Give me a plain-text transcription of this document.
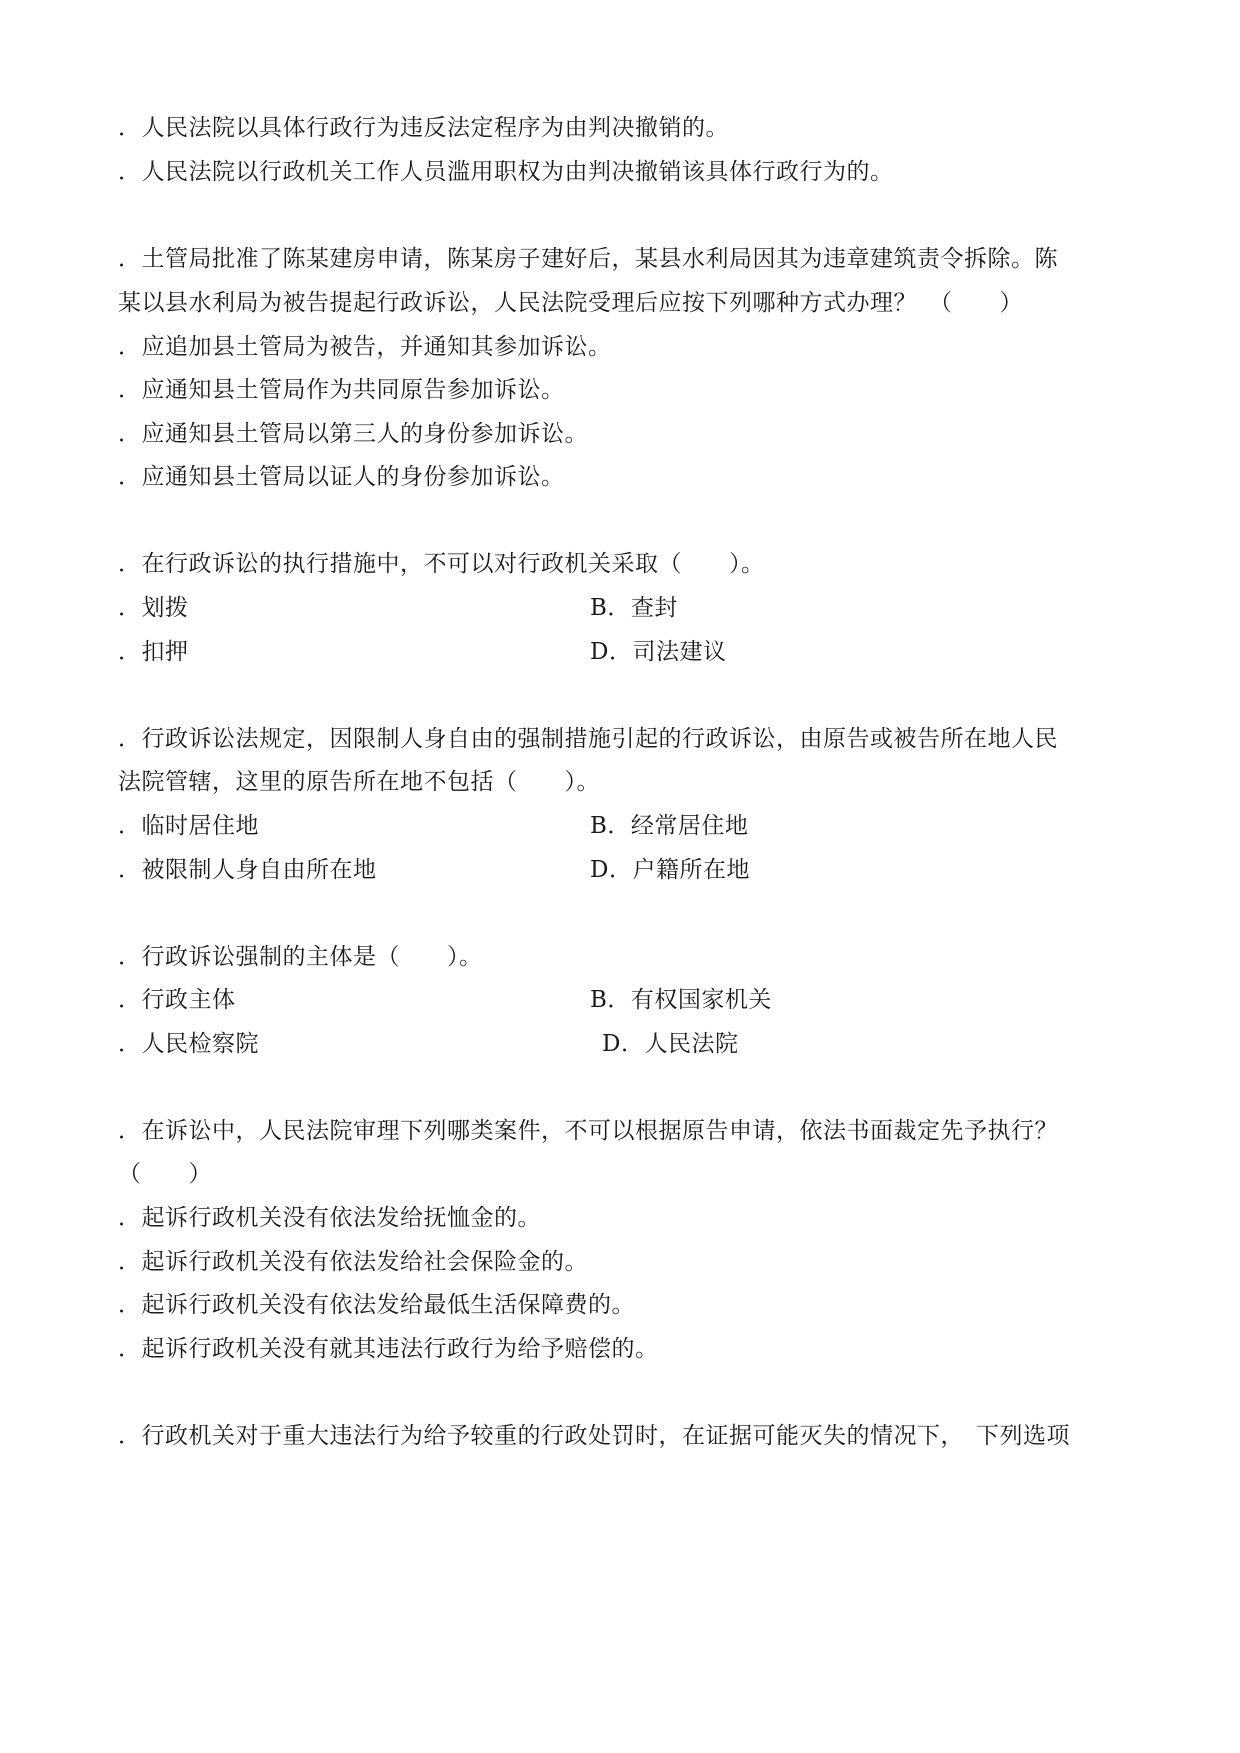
．人民法院以具体行政行为违反法定程序为由判决撤销的。
．人民法院以行政机关工作人员滥用职权为由判决撤销该具体行政行为的。
．土管局批准了陈某建房申请，陈某房子建好后，某县水利局因其为违章建筑责令拆除。陈
某以县水利局为被告提起行政诉讼，人民法院受理后应按下列哪种方式办理？　（　　）
．应追加县土管局为被告，并通知其参加诉讼。
．应通知县土管局作为共同原告参加诉讼。
．应通知县土管局以第三人的身份参加诉讼。
．应通知县土管局以证人的身份参加诉讼。
．在行政诉讼的执行措施中，不可以对行政机关采取（　　）。
．划拨	B．查封
．扣押	D．司法建议
．行政诉讼法规定，因限制人身自由的强制措施引起的行政诉讼，由原告或被告所在地人民
法院管辖，这里的原告所在地不包括（　　）。
．临时居住地	B．经常居住地
．被限制人身自由所在地	D．户籍所在地
．行政诉讼强制的主体是（　　）。
．行政主体	B．有权国家机关
．人民检察院	D．人民法院
．在诉讼中，人民法院审理下列哪类案件，不可以根据原告申请，依法书面裁定先予执行？
（　　）
．起诉行政机关没有依法发给抚恤金的。
．起诉行政机关没有依法发给社会保险金的。
．起诉行政机关没有依法发给最低生活保障费的。
．起诉行政机关没有就其违法行政行为给予赔偿的。
．行政机关对于重大违法行为给予较重的行政处罚时，在证据可能灭失的情况下，　下列选项
